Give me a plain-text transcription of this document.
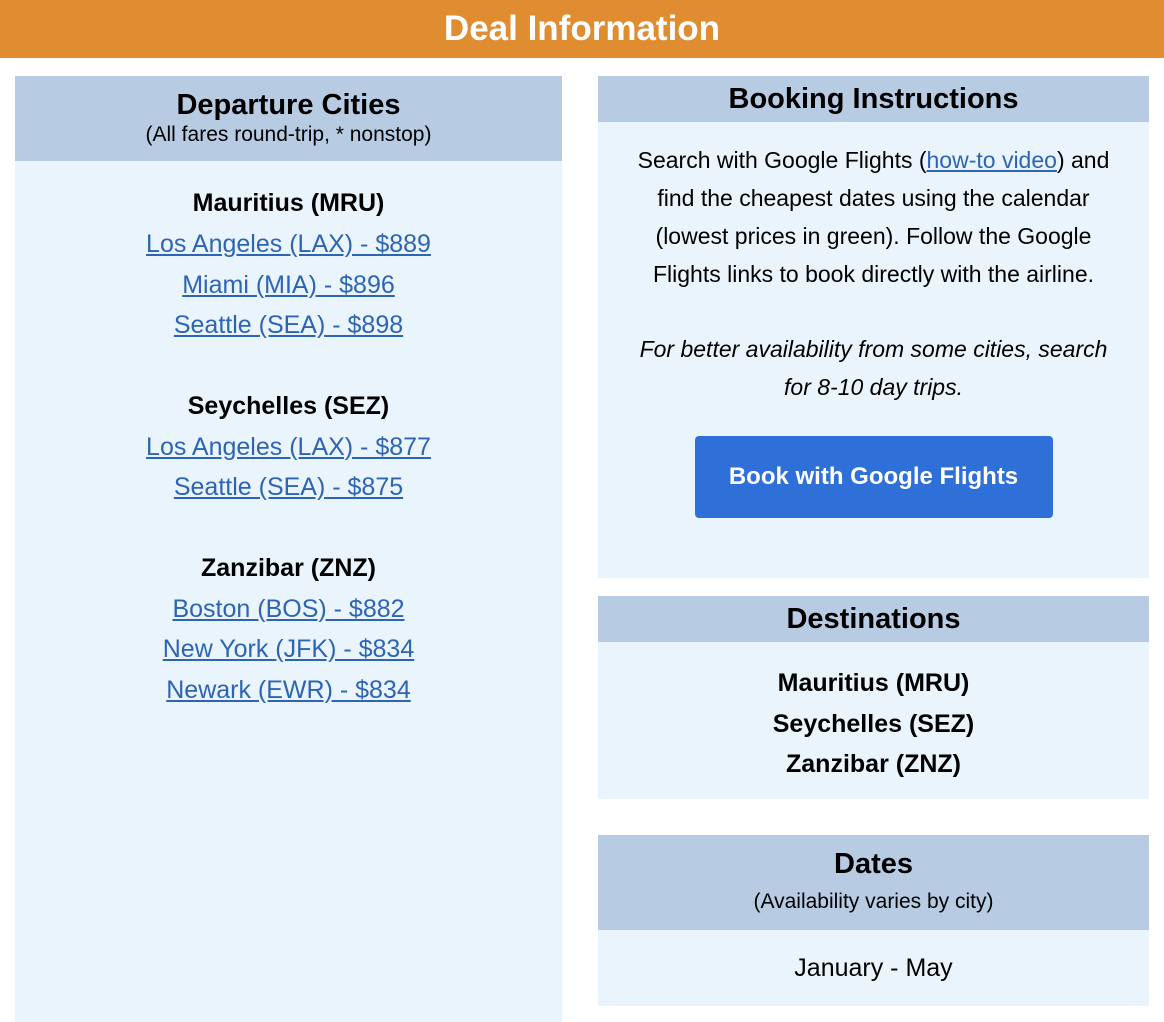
Deal Information
Departure Cities
(All fares round-trip, * nonstop)
Mauritius (MRU)
Los Angeles (LAX) - $889
Miami (MIA) - $896
Seattle (SEA) - $898
Seychelles (SEZ)
Los Angeles (LAX) - $877
Seattle (SEA) - $875
Zanzibar (ZNZ)
Boston (BOS) - $882
New York (JFK) - $834
Newark (EWR) - $834
Booking Instructions

Search with Google Flights (how-to video) and find the cheapest dates using the calendar (lowest prices in green). Follow the Google Flights links to book directly with the airline.

For better availability from some cities, search for 8-10 day trips.

Book with Google Flights
Destinations
Mauritius (MRU)
Seychelles (SEZ)
Zanzibar (ZNZ)
Dates
(Availability varies by city)
January - May
